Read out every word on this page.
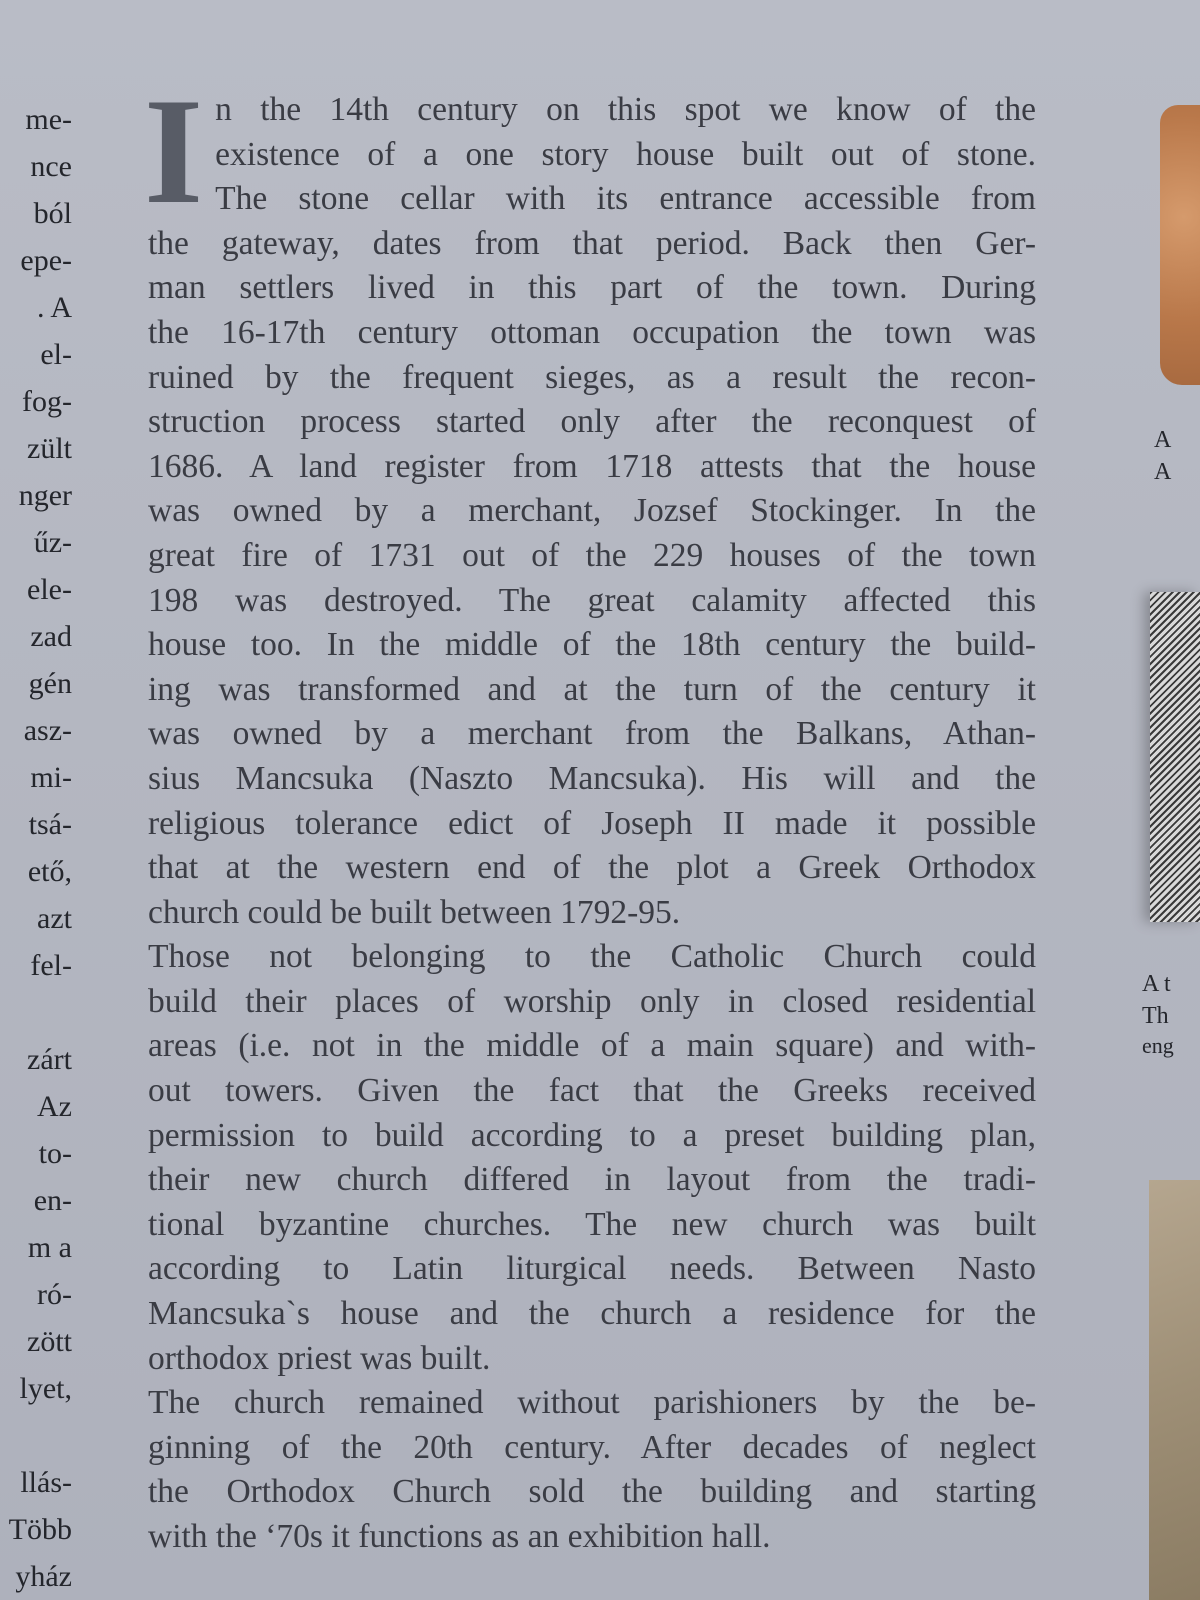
me-
nce
ból
epe-
. A
el-
fog-
zült
nger
űz-
ele-
zad
gén
asz-
mi-
tsá-
ető,
azt
fel-
zárt
Az
to-
en-
m a
ró-
zött
lyet,
llás-
Több
yház
I n the 14th century on this spot we know of the
existence of a one story house built out of stone.
The stone cellar with its entrance accessible from
the gateway, dates from that period. Back then Ger-
man settlers lived in this part of the town. During
the 16-17th century ottoman occupation the town was
ruined by the frequent sieges, as a result the recon-
struction process started only after the reconquest of
1686. A land register from 1718 attests that the house
was owned by a merchant, Jozsef Stockinger. In the
great fire of 1731 out of the 229 houses of the town
198 was destroyed. The great calamity affected this
house too. In the middle of the 18th century the build-
ing was transformed and at the turn of the century it
was owned by a merchant from the Balkans, Athan-
sius Mancsuka (Naszto Mancsuka). His will and the
religious tolerance edict of Joseph II made it possible
that at the western end of the plot a Greek Orthodox
church could be built between 1792-95.
Those not belonging to the Catholic Church could
build their places of worship only in closed residential
areas (i.e. not in the middle of a main square) and with-
out towers. Given the fact that the Greeks received
permission to build according to a preset building plan,
their new church differed in layout from the tradi-
tional byzantine churches. The new church was built
according to Latin liturgical needs. Between Nasto
Mancsuka`s house and the church a residence for the
orthodox priest was built.
The church remained without parishioners by the be-
ginning of the 20th century. After decades of neglect
the Orthodox Church sold the building and starting
with the ‘70s it functions as an exhibition hall.
A
A
A t
Th
eng
